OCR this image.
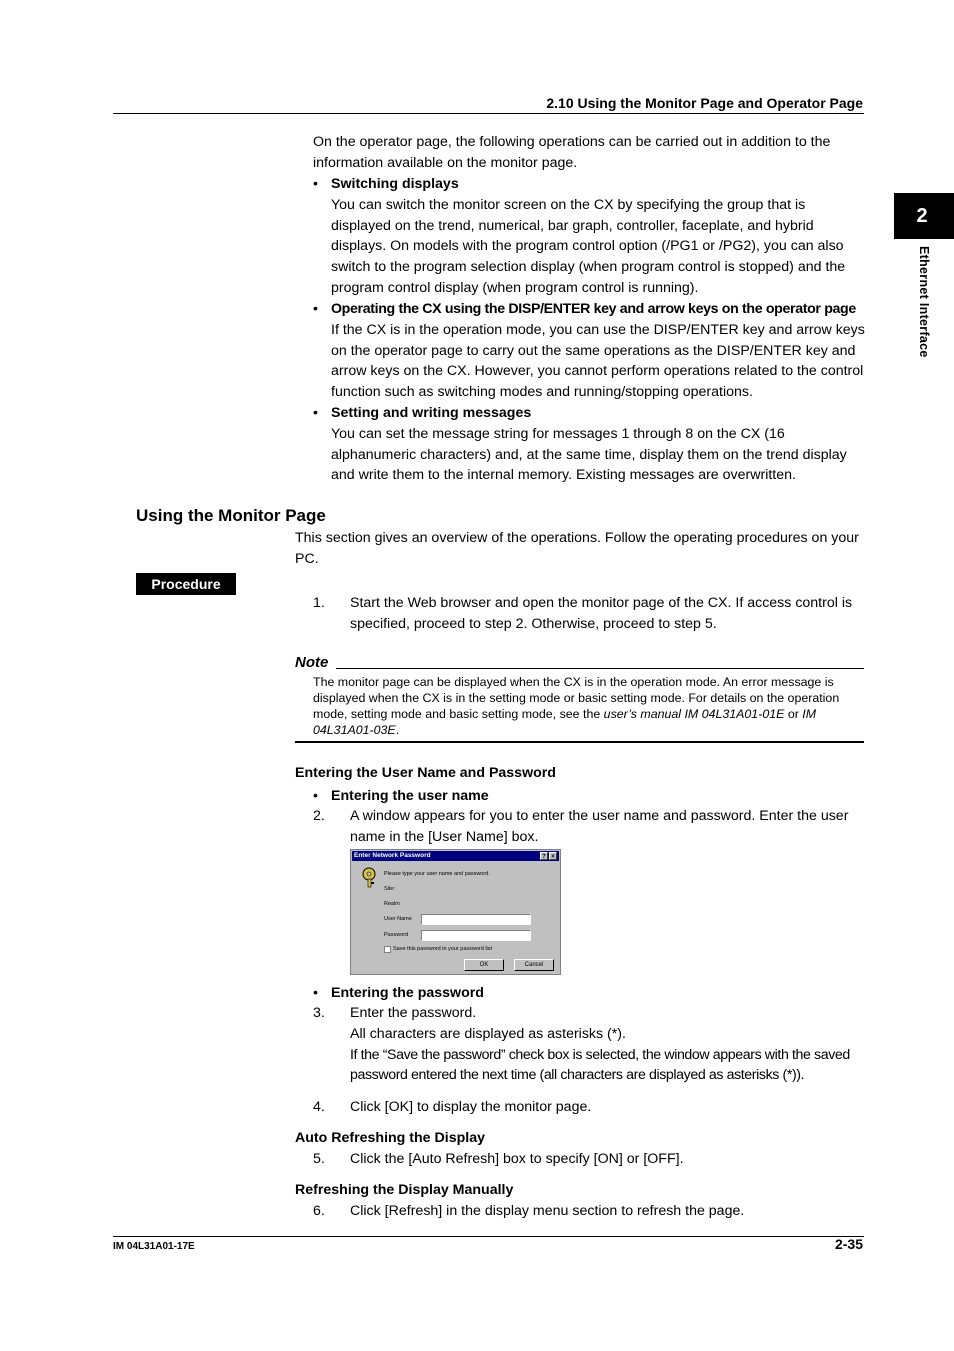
2.10 Using the Monitor Page and Operator Page
2
Ethernet Interface
On the operator page, the following operations can be carried out in addition to the information available on the monitor page.
• Switching displays
You can switch the monitor screen on the CX by specifying the group that is displayed on the trend, numerical, bar graph, controller, faceplate, and hybrid displays. On models with the program control option (/PG1 or /PG2), you can also switch to the program selection display (when program control is stopped) and the program control display (when program control is running).
• Operating the CX using the DISP/ENTER key and arrow keys on the operator page
If the CX is in the operation mode, you can use the DISP/ENTER key and arrow keys on the operator page to carry out the same operations as the DISP/ENTER key and arrow keys on the CX. However, you cannot perform operations related to the control function such as switching modes and running/stopping operations.
• Setting and writing messages
You can set the message string for messages 1 through 8 on the CX (16 alphanumeric characters) and, at the same time, display them on the trend display and write them to the internal memory. Existing messages are overwritten.
Using the Monitor Page
This section gives an overview of the operations. Follow the operating procedures on your PC.
Procedure
1.	Start the Web browser and open the monitor page of the CX. If access control is specified, proceed to step 2. Otherwise, proceed to step 5.
Note
The monitor page can be displayed when the CX is in the operation mode. An error message is displayed when the CX is in the setting mode or basic setting mode. For details on the operation mode, setting mode and basic setting mode, see the user’s manual IM 04L31A01-01E or IM 04L31A01-03E.
Entering the User Name and Password
• Entering the user name
2.	A window appears for you to enter the user name and password. Enter the user name in the [User Name] box.
Enter Network Password	? ×
Please type your user name and password.
Site:
Realm
User Name
Password
Save this password in your password list
OK	Cancel
• Entering the password
3.	Enter the password.
All characters are displayed as asterisks (*).
If the “Save the password” check box is selected, the window appears with the saved password entered the next time (all characters are displayed as asterisks (*)).
4.	Click [OK] to display the monitor page.
Auto Refreshing the Display
5.	Click the [Auto Refresh] box to specify [ON] or [OFF].
Refreshing the Display Manually
6.	Click [Refresh] in the display menu section to refresh the page.
IM 04L31A01-17E	2-35
